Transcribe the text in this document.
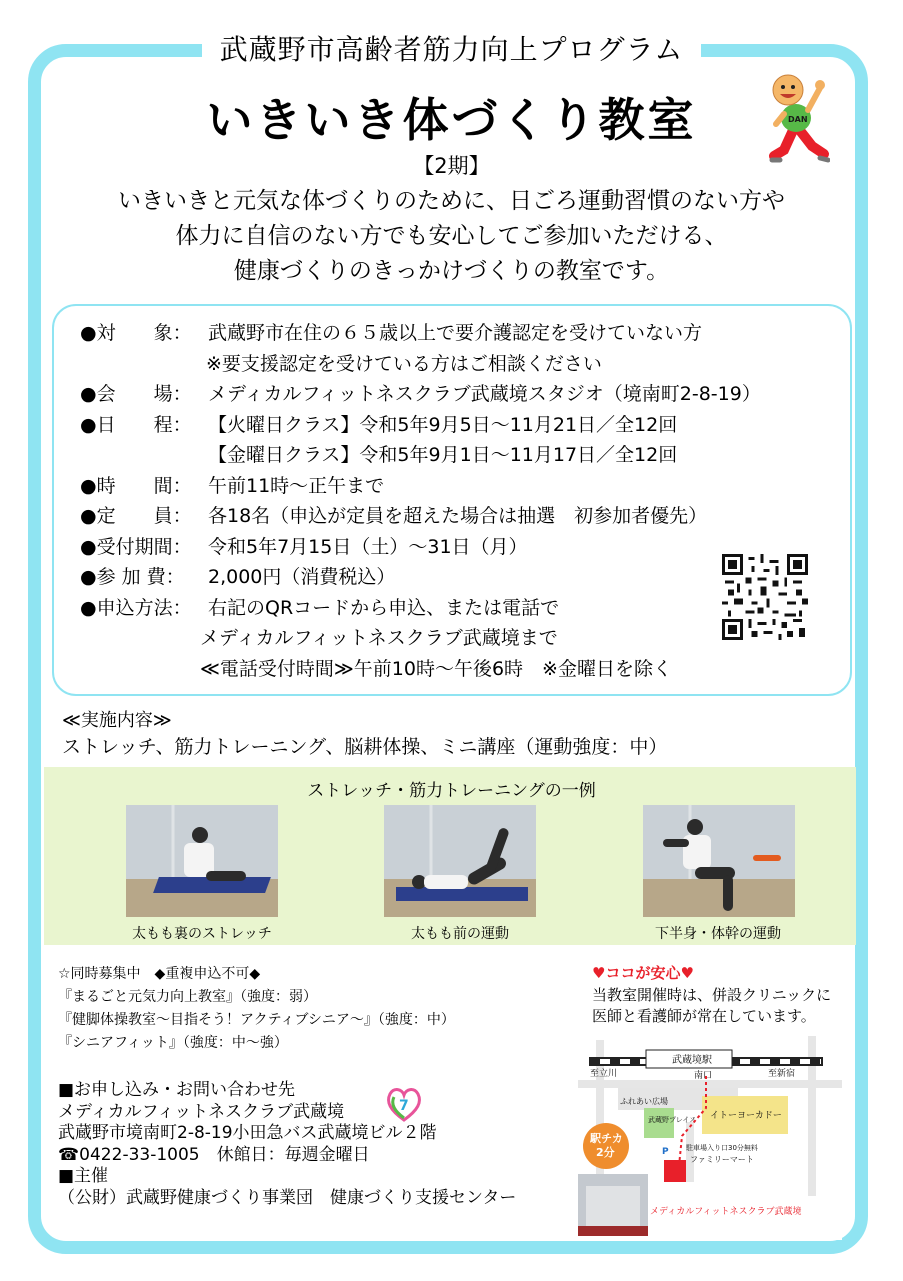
武蔵野市高齢者筋力向上プログラム
いきいき体づくり教室	DAN
【2期】
いきいきと元気な体づくりのために、日ごろ運動習慣のない方や
体力に自信のない方でも安心してご参加いただける、
健康づくりのきっかけづくりの教室です。
●対　　象： 武蔵野市在住の６５歳以上で要介護認定を受けていない方
※要支援認定を受けている方はご相談ください
●会　　場： メディカルフィットネスクラブ武蔵境スタジオ（境南町2-8-19）
●日　　程： 【火曜日クラス】令和5年9月5日～11月21日／全12回
【金曜日クラス】令和5年9月1日～11月17日／全12回
●時　　間： 午前11時～正午まで
●定　　員： 各18名（申込が定員を超えた場合は抽選　初参加者優先）
●受付期間： 令和5年7月15日（土）～31日（月）
●参 加 費： 2,000円（消費税込）
●申込方法： 右記のQRコードから申込、または電話で
メディカルフィットネスクラブ武蔵境まで
≪電話受付時間≫午前10時～午後6時　※金曜日を除く
≪実施内容≫
ストレッチ、筋力トレーニング、脳耕体操、ミニ講座（運動強度：中）
ストレッチ・筋力トレーニングの一例
太もも裏のストレッチ	太もも前の運動	下半身・体幹の運動
☆同時募集中　◆重複申込不可◆
『まるごと元気力向上教室』（強度：弱）
『健脚体操教室～目指そう！アクティブシニア～』（強度：中）
『シニアフィット』（強度：中～強）
♥ココが安心♥
当教室開催時は、併設クリニックに
医師と看護師が常在しています。
■お申し込み・お問い合わせ先
メディカルフィットネスクラブ武蔵境
武蔵野市境南町2-8-19小田急バス武蔵境ビル２階
☎0422-33-1005　休館日：毎週金曜日
■主催
（公財）武蔵野健康づくり事業団　健康づくり支援センター
7
武蔵境駅
至立川	至新宿
南口
ふれあい広場
武蔵野プレイス イトーヨーカドー
P 駐車場入り口30分無料
ファミリーマート
駅チカ
2分
メディカルフィットネスクラブ武蔵境
